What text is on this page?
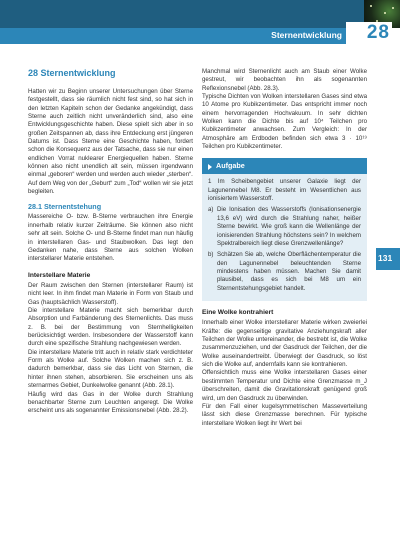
Sternentwicklung 28
28 Sternentwicklung

Hatten wir zu Beginn unserer Untersuchungen über Sterne festgestellt, dass sie räumlich nicht fest sind, so hat sich in den letzten Kapiteln schon der Gedanke angekündigt, dass Sterne auch zeitlich nicht unveränderlich sind, also eine Entwicklungsgeschichte haben. Diese spielt sich aber in so großen Zeitspannen ab, dass ihre Entdeckung erst jüngeren Datums ist. Dass Sterne eine Geschichte haben, fordert schon die Konsequenz aus der Tatsache, dass sie nur einen endlichen Vorrat nuklearer Energiequellen haben. Sterne können also nicht unendlich alt sein, müssen irgendwann einmal „geboren“ werden und werden auch wieder „sterben“.

Auf dem Weg von der „Geburt“ zum „Tod“ wollen wir sie jetzt begleiten.

28.1 Sternentstehung

Massereiche O- bzw. B-Sterne verbrauchen ihre Energie innerhalb relativ kurzer Zeiträume. Sie können also nicht sehr alt sein. Solche O- und B-Sterne findet man nun häufig in interstellaren Gas- und Staubwolken. Das legt den Gedanken nahe, dass Sterne aus solchen Wolken interstellarer Materie entstehen.

Interstellare Materie

Der Raum zwischen den Sternen (interstellarer Raum) ist nicht leer. In ihm findet man Materie in Form von Staub und Gas (hauptsächlich Wasserstoff).

Die interstellare Materie macht sich bemerkbar durch Absorption und Farbänderung des Sternenlichts. Das muss z. B. bei der Bestimmung von Sternhelligkeiten berücksichtigt werden. Insbesondere der Wasserstoff kann durch eine spezifische Strahlung nachgewiesen werden.

Die interstellare Materie tritt auch in relativ stark verdichteter Form als Wolke auf. Solche Wolken machen sich z. B. dadurch bemerkbar, dass sie das Licht von Sternen, die hinter ihnen stehen, absorbieren. Sie erscheinen uns als sternarmes Gebiet, Dunkelwolke genannt (Abb. 28.1).

Häufig wird das Gas in der Wolke durch Strahlung benachbarter Sterne zum Leuchten angeregt. Die Wolke erscheint uns als sogenannter Emissionsnebel (Abb. 28.2).

Manchmal wird Sternenlicht auch am Staub einer Wolke gestreut, wir beobachten ihn als sogenannten Reflexionsnebel (Abb. 28.3).

Typische Dichten von Wolken interstellaren Gases sind etwa 10 Atome pro Kubikzentimeter. Das entspricht immer noch einem hervorragenden Hochvakuum. In sehr dichten Wolken kann die Dichte bis auf 10⁴ Teilchen pro Kubikzentimeter anwachsen. Zum Vergleich: In der Atmosphäre am Erdboden befinden sich etwa 3 · 10¹⁹ Teilchen pro Kubikzentimeter.

Aufgabe
1 Im Scheibengebiet unserer Galaxie liegt der Lagunennebel M8. Er besteht im Wesentlichen aus ionisiertem Wasserstoff.
a) Die Ionisation des Wasserstoffs (Ionisationsenergie 13,6 eV) wird durch die Strahlung naher, heißer Sterne bewirkt. Wie groß kann die Wellenlänge der ionisierenden Strahlung höchstens sein? In welchem Spektralbereich liegt diese Grenzwellenlänge?
b) Schätzen Sie ab, welche Oberflächentemperatur die den Lagunennebel beleuchtenden Sterne mindestens haben müssen. Machen Sie damit plausibel, dass es sich bei M8 um ein Sternentstehungsgebiet handelt.
Eine Wolke kontrahiert

Innerhalb einer Wolke interstellarer Materie wirken zweierlei Kräfte: die gegenseitige gravitative Anziehungskraft aller Teilchen der Wolke untereinander, die bestrebt ist, die Wolke zusammenzuziehen, und der Gasdruck der Teilchen, der die Wolke auseinandertreibt. Überwiegt der Gasdruck, so löst sich die Wolke auf, andernfalls kann sie kontrahieren.

Offensichtlich muss eine Wolke interstellaren Gases einer bestimmten Temperatur und Dichte eine Grenzmasse m_J überschreiten, damit die Gravitationskraft genügend groß wird, um den Gasdruck zu überwinden.

Für den Fall einer kugelsymmetrischen Masseverteilung lässt sich diese Grenzmasse berechnen. Für typische interstellare Wolken liegt ihr Wert bei

131
